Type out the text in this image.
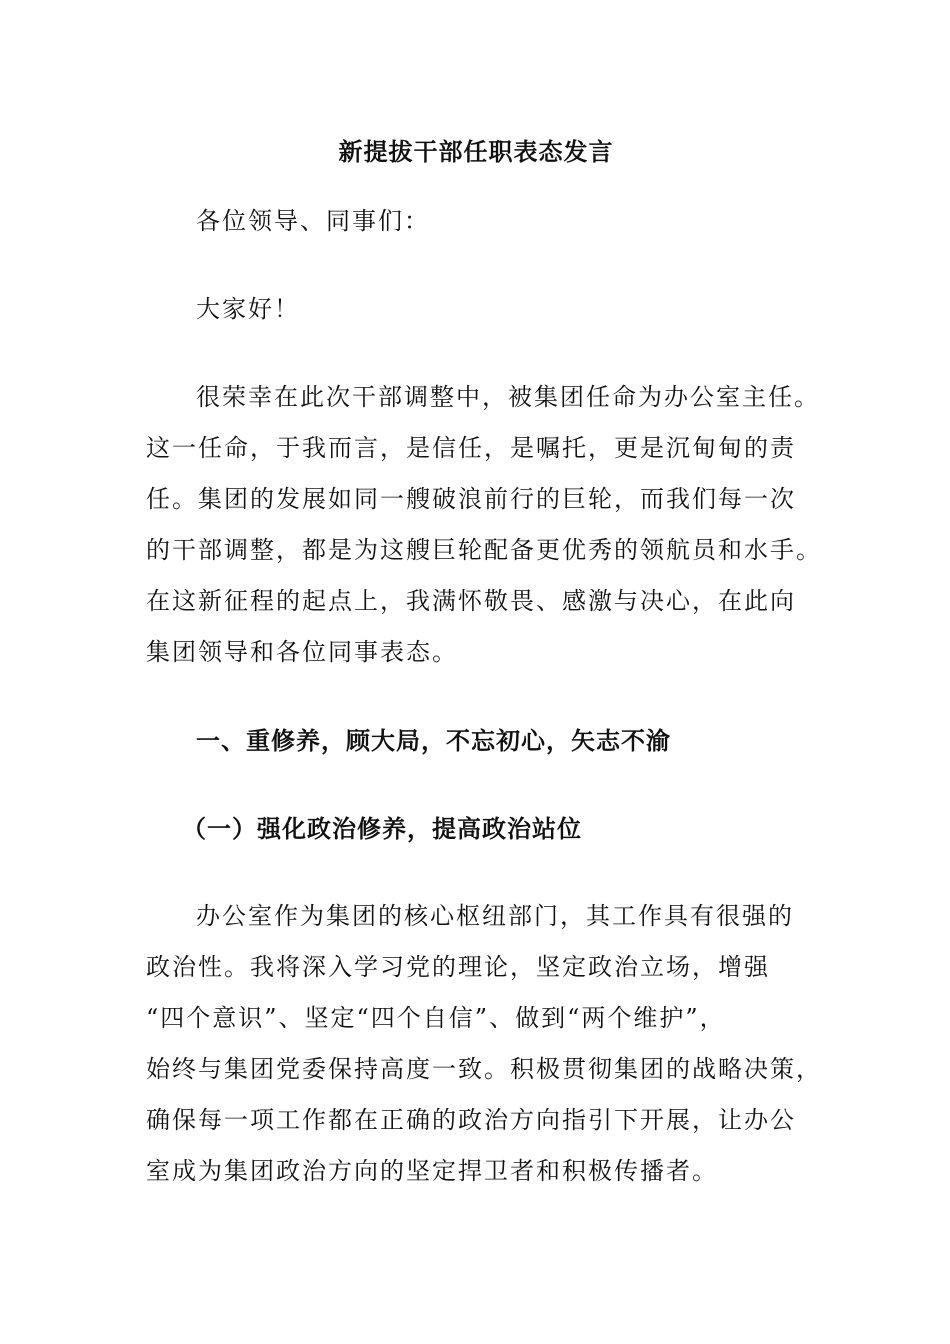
新提拔干部任职表态发言

各位领导、同事们：

大家好！

很荣幸在此次干部调整中，被集团任命为办公室主任。
这一任命，于我而言，是信任，是嘱托，更是沉甸甸的责
任。集团的发展如同一艘破浪前行的巨轮，而我们每一次
的干部调整，都是为这艘巨轮配备更优秀的领航员和水手。
在这新征程的起点上，我满怀敬畏、感激与决心，在此向
集团领导和各位同事表态。

一、重修养，顾大局，不忘初心，矢志不渝

（一）强化政治修养，提高政治站位

办公室作为集团的核心枢纽部门，其工作具有很强的
政治性。我将深入学习党的理论，坚定政治立场，增强
“四个意识”、坚定“四个自信”、做到“两个维护”，
始终与集团党委保持高度一致。积极贯彻集团的战略决策，
确保每一项工作都在正确的政治方向指引下开展，让办公
室成为集团政治方向的坚定捍卫者和积极传播者。
